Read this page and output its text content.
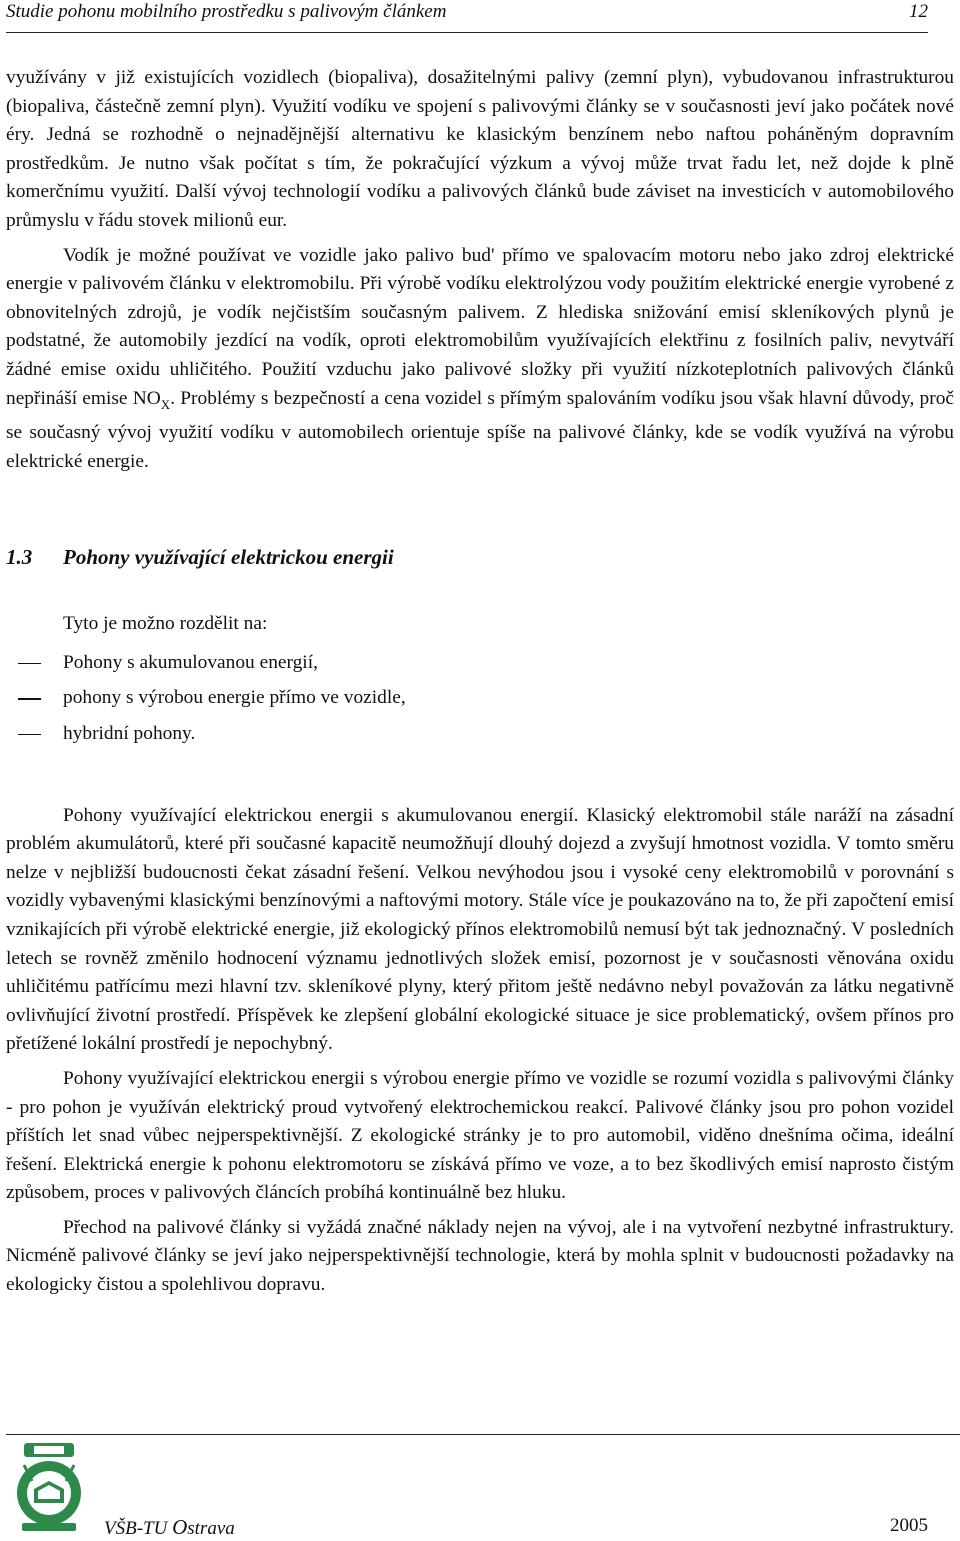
Studie pohonu mobilního prostředku s palivovým článkem	12

využívány v již existujících vozidlech (biopaliva), dosažitelnými palivy (zemní plyn), vybudovanou infrastrukturou (biopaliva, částečně zemní plyn). Využití vodíku ve spojení s palivovými články se v současnosti jeví jako počátek nové éry. Jedná se rozhodně o nejnadějnější alternativu ke klasickým benzínem nebo naftou poháněným dopravním prostředkům. Je nutno však počítat s tím, že pokračující výzkum a vývoj může trvat řadu let, než dojde k plně komerčnímu využití. Další vývoj technologií vodíku a palivových článků bude záviset na investicích v automobilového průmyslu v řádu stovek milionů eur.

Vodík je možné používat ve vozidle jako palivo bud' přímo ve spalovacím motoru nebo jako zdroj elektrické energie v palivovém článku v elektromobilu. Při výrobě vodíku elektrolýzou vody použitím elektrické energie vyrobené z obnovitelných zdrojů, je vodík nejčistším současným palivem. Z hlediska snižování emisí skleníkových plynů je podstatné, že automobily jezdící na vodík, oproti elektromobilům využívajících elektřinu z fosilních paliv, nevytváří žádné emise oxidu uhličitého. Použití vzduchu jako palivové složky při využití nízkoteplotních palivových článků nepřináší emise $NO_X$. Problémy s bezpečností a cena vozidel s přímým spalováním vodíku jsou však hlavní důvody, proč se současný vývoj využití vodíku v automobilech orientuje spíše na palivové články, kde se vodík využívá na výrobu elektrické energie.

1.3 Pohony využívající elektrickou energii
Tyto je možno rozdělit na:
Pohony s akumulovanou energií,
pohony s výrobou energie přímo ve vozidle,
hybridní pohony.

Pohony využívající elektrickou energii s akumulovanou energií. Klasický elektromobil stále naráží na zásadní problém akumulátorů, které při současné kapacitě neumožňují dlouhý dojezd a zvyšují hmotnost vozidla. V tomto směru nelze v nejbližší budoucnosti čekat zásadní řešení. Velkou nevýhodou jsou i vysoké ceny elektromobilů v porovnání s vozidly vybavenými klasickými benzínovými a naftovými motory. Stále více je poukazováno na to, že při započtení emisí vznikajících při výrobě elektrické energie, již ekologický přínos elektromobilů nemusí být tak jednoznačný. V posledních letech se rovněž změnilo hodnocení významu jednotlivých složek emisí, pozornost je v současnosti věnována oxidu uhličitému patřícímu mezi hlavní tzv. skleníkové plyny, který přitom ještě nedávno nebyl považován za látku negativně ovlivňující životní prostředí. Příspěvek ke zlepšení globální ekologické situace je sice problematický, ovšem přínos pro přetížené lokální prostředí je nepochybný.

Pohony využívající elektrickou energii s výrobou energie přímo ve vozidle se rozumí vozidla s palivovými články - pro pohon je využíván elektrický proud vytvořený elektrochemickou reakcí. Palivové články jsou pro pohon vozidel příštích let snad vůbec nejperspektivnější. Z ekologické stránky je to pro automobil, viděno dnešníma očima, ideální řešení. Elektrická energie k pohonu elektromotoru se získává přímo ve voze, a to bez škodlivých emisí naprosto čistým způsobem, proces v palivových článcích probíhá kontinuálně bez hluku.

Přechod na palivové články si vyžádá značné náklady nejen na vývoj, ale i na vytvoření nezbytné infrastruktury. Nicméně palivové články se jeví jako nejperspektivnější technologie, která by mohla splnit v budoucnosti požadavky na ekologicky čistou a spolehlivou dopravu.

VŠB-TU Ostrava	2005
